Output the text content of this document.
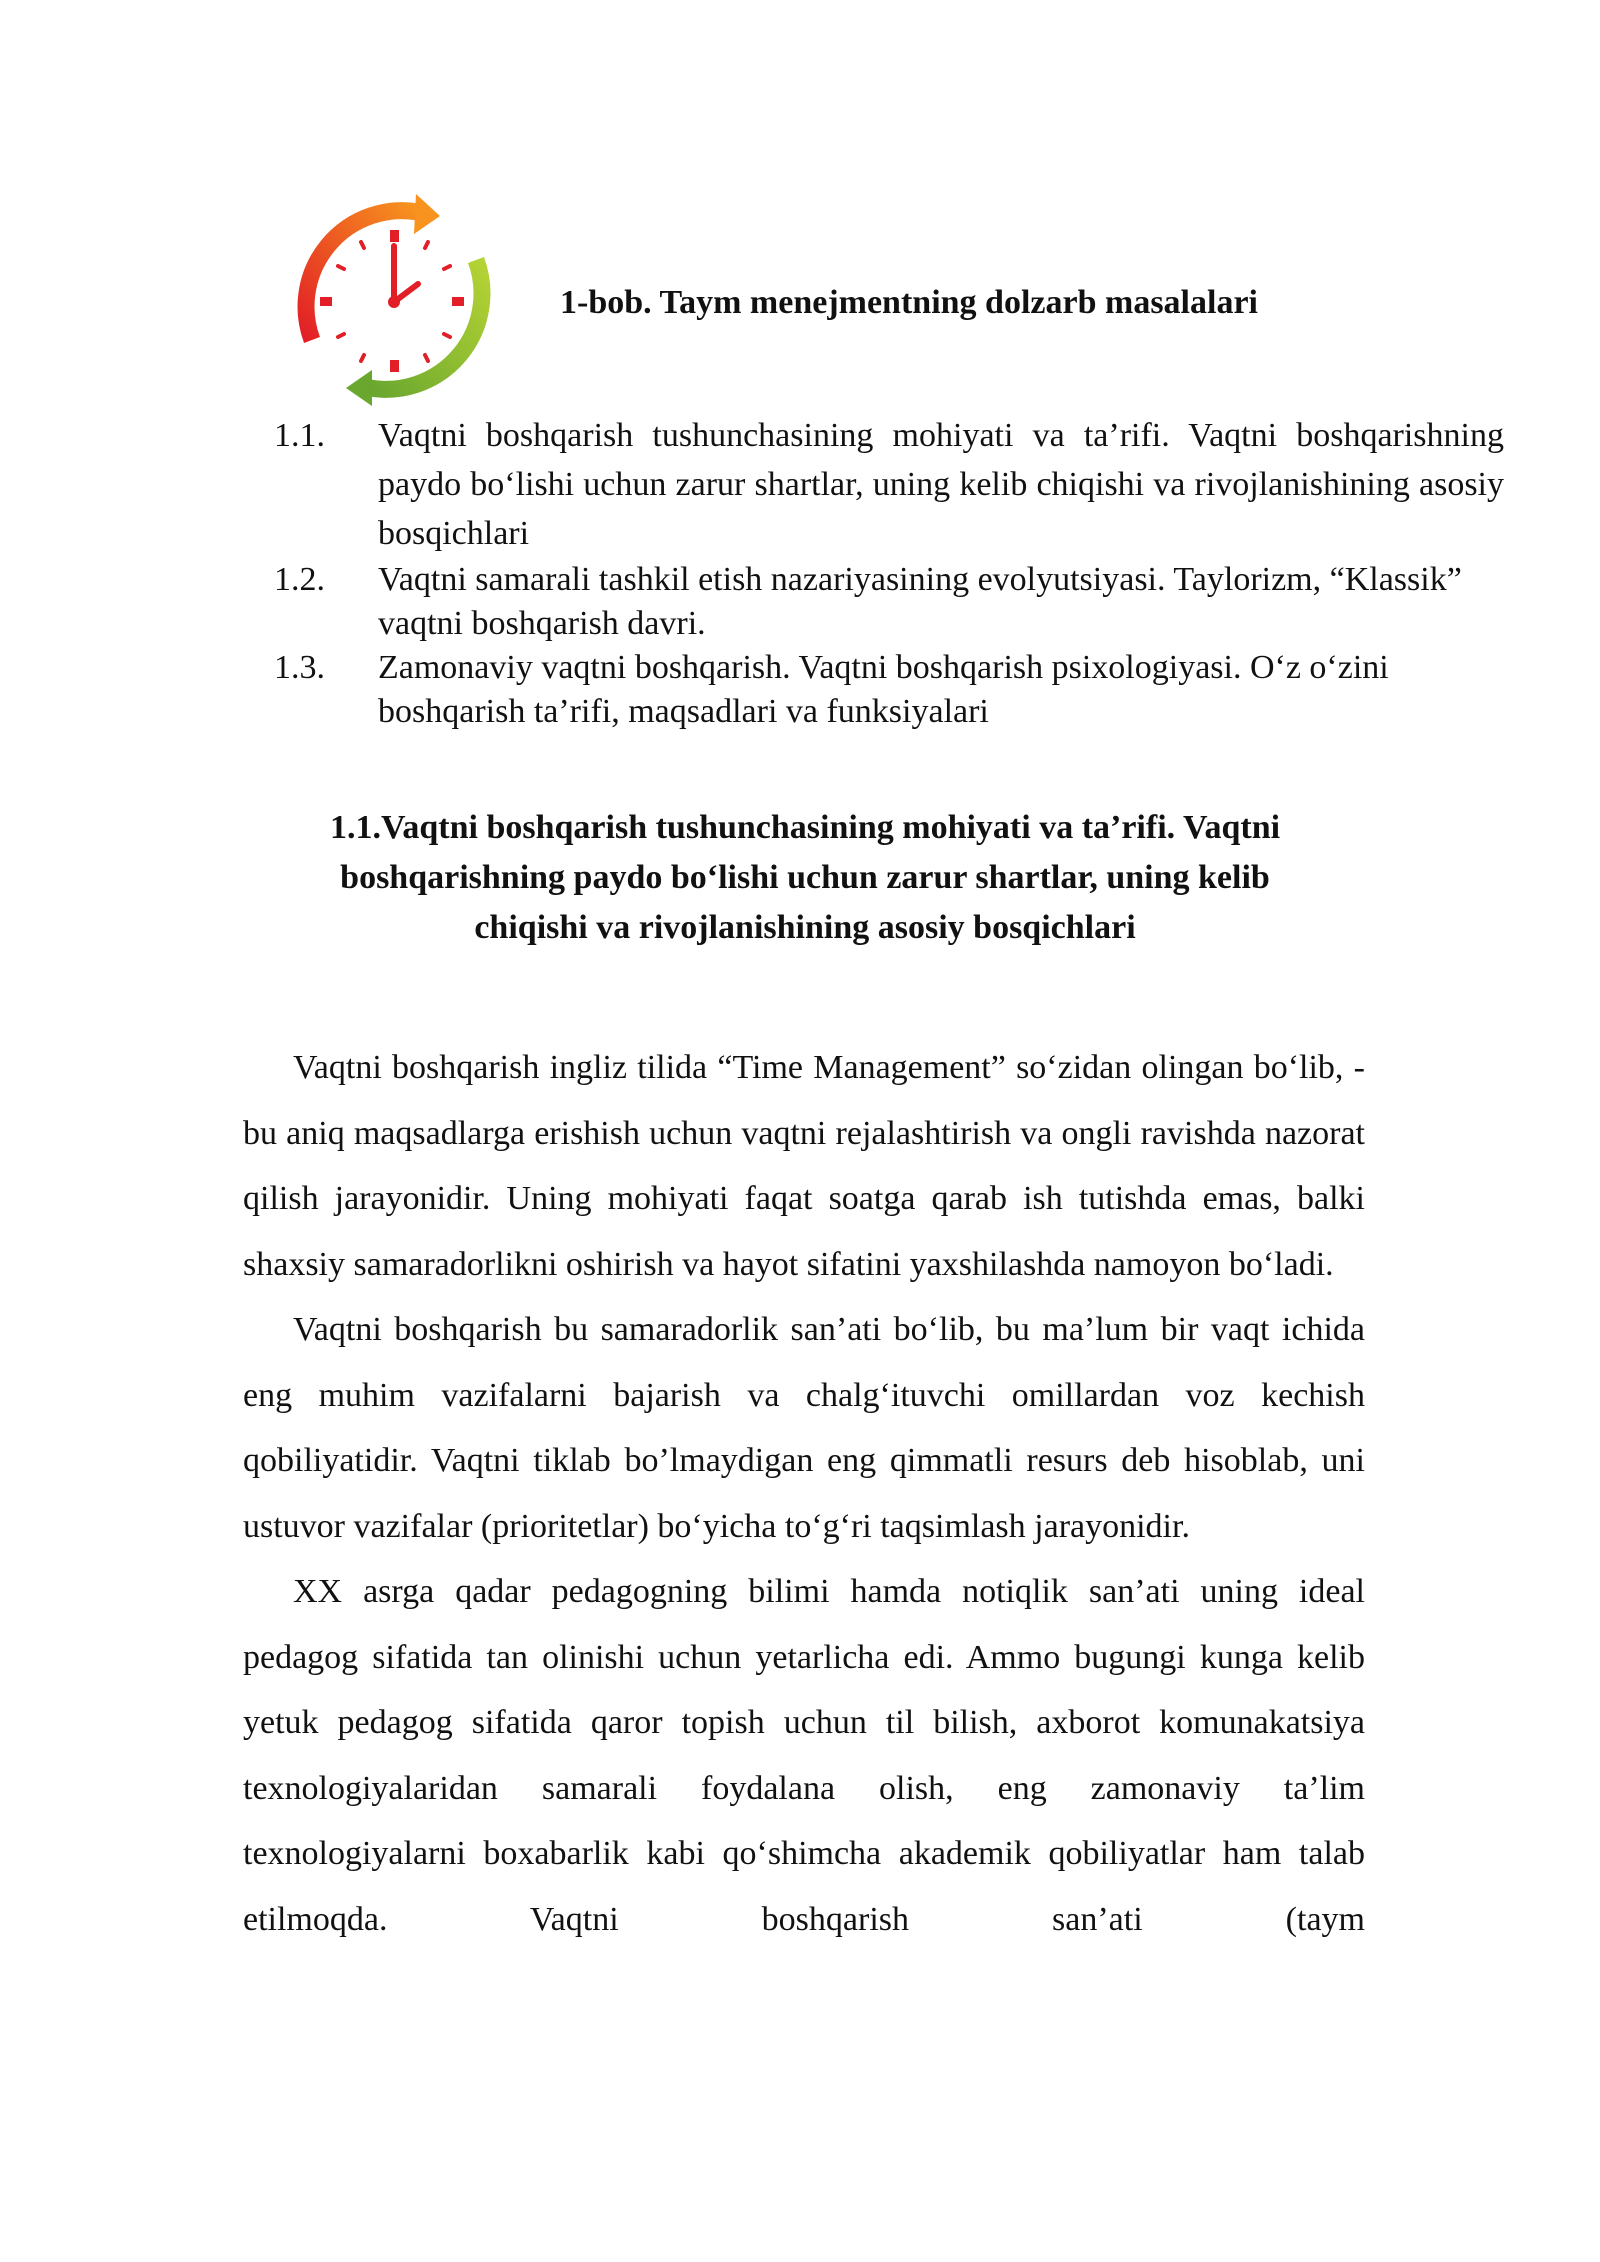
1-bob. Taym menejmentning dolzarb masalalari
1.1.	Vaqtni boshqarish tushunchasining mohiyati va ta’rifi. Vaqtni boshqarishning paydo bo‘lishi uchun zarur shartlar, uning kelib chiqishi va rivojlanishining asosiy bosqichlari
1.2.	Vaqtni samarali tashkil etish nazariyasining evolyutsiyasi. Taylorizm, “Klassik” vaqtni boshqarish davri.
1.3.	Zamonaviy vaqtni boshqarish. Vaqtni boshqarish psixologiyasi. O‘z o‘zini boshqarish ta’rifi, maqsadlari va funksiyalari
1.1.Vaqtni boshqarish tushunchasining mohiyati va ta’rifi. Vaqtni
boshqarishning paydo bo‘lishi uchun zarur shartlar, uning kelib
chiqishi va rivojlanishining asosiy bosqichlari

Vaqtni boshqarish ingliz tilida “Time Management” so‘zidan olingan bo‘lib, - bu aniq maqsadlarga erishish uchun vaqtni rejalashtirish va ongli ravishda nazorat qilish jarayonidir. Uning mohiyati faqat soatga qarab ish tutishda emas, balki shaxsiy samaradorlikni oshirish va hayot sifatini yaxshilashda namoyon bo‘ladi.

Vaqtni boshqarish bu samaradorlik san’ati bo‘lib, bu ma’lum bir vaqt ichida eng muhim vazifalarni bajarish va chalg‘ituvchi omillardan voz kechish qobiliyatidir. Vaqtni tiklab bo’lmaydigan eng qimmatli resurs deb hisoblab, uni ustuvor vazifalar (prioritetlar) bo‘yicha to‘g‘ri taqsimlash jarayonidir.

XX asrga qadar pedagogning bilimi hamda notiqlik san’ati uning ideal pedagog sifatida tan olinishi uchun yetarlicha edi. Ammo bugungi kunga kelib yetuk pedagog sifatida qaror topish uchun til bilish, axborot komunakatsiya texnologiyalaridan samarali foydalana olish, eng zamonaviy ta’lim texnologiyalarni boxabarlik kabi qo‘shimcha akademik qobiliyatlar ham talab etilmoqda. Vaqtni boshqarish san’ati (taym
